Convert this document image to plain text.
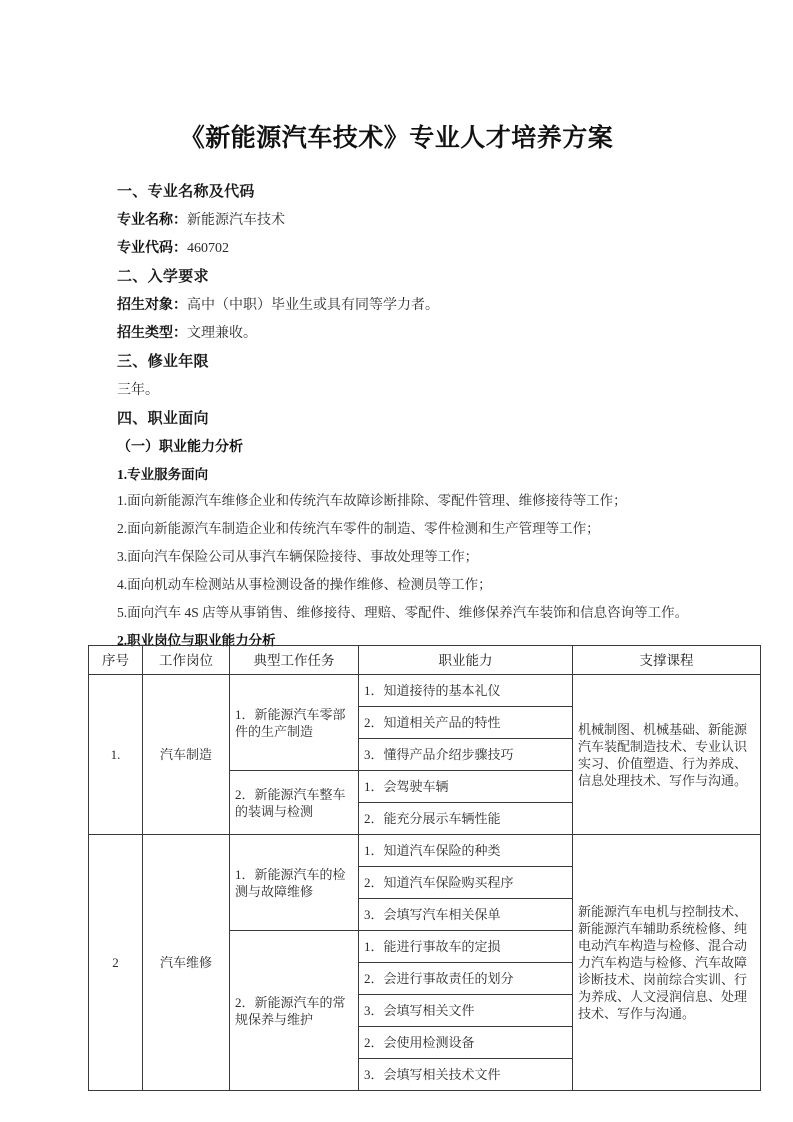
《新能源汽车技术》专业人才培养方案
一、专业名称及代码
专业名称：新能源汽车技术
专业代码：460702
二、入学要求
招生对象：高中（中职）毕业生或具有同等学力者。
招生类型：文理兼收。
三、修业年限
三年。
四、职业面向
（一）职业能力分析
1.专业服务面向
1.面向新能源汽车维修企业和传统汽车故障诊断排除、零配件管理、维修接待等工作；
2.面向新能源汽车制造企业和传统汽车零件的制造、零件检测和生产管理等工作；
3.面向汽车保险公司从事汽车辆保险接待、事故处理等工作；
4.面向机动车检测站从事检测设备的操作维修、检测员等工作；
5.面向汽车 4S 店等从事销售、维修接待、理赔、零配件、维修保养汽车装饰和信息咨询等工作。
2.职业岗位与职业能力分析
序号	工作岗位	典型工作任务	职业能力	支撑课程
1.	汽车制造	1．新能源汽车零部件的生产制造	1．知道接待的基本礼仪	机械制图、机械基础、新能源汽车装配制造技术、专业认识实习、价值塑造、行为养成、信息处理技术、写作与沟通。
			2．知道相关产品的特性	
			3．懂得产品介绍步骤技巧	
		2．新能源汽车整车的装调与检测	1．会驾驶车辆	
			2．能充分展示车辆性能	
2	汽车维修	1．新能源汽车的检测与故障维修	1．知道汽车保险的种类	新能源汽车电机与控制技术、新能源汽车辅助系统检修、纯电动汽车构造与检修、混合动力汽车构造与检修、汽车故障诊断技术、岗前综合实训、行为养成、人文浸润信息、处理技术、写作与沟通。
			2．知道汽车保险购买程序	
			3．会填写汽车相关保单	
		2．新能源汽车的常规保养与维护	1．能进行事故车的定损	
			2．会进行事故责任的划分	
			3．会填写相关文件	
			2．会使用检测设备	
			3．会填写相关技术文件	
